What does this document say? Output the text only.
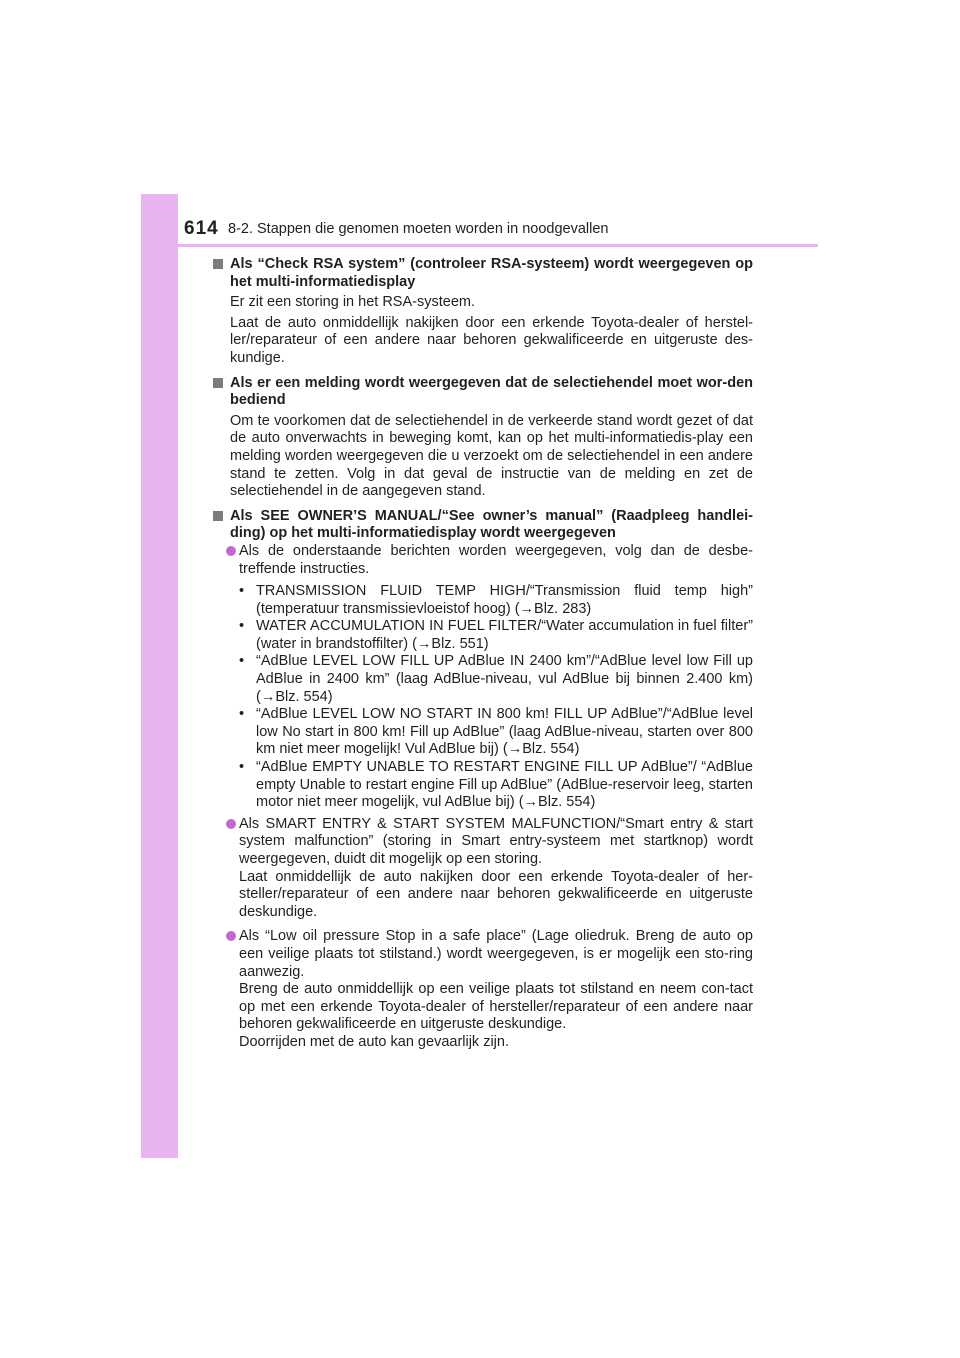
614 8-2. Stappen die genomen moeten worden in noodgevallen

Als “Check RSA system” (controleer RSA-systeem) wordt weergegeven op het multi-informatiedisplay

Er zit een storing in het RSA-systeem.

Laat de auto onmiddellijk nakijken door een erkende Toyota-dealer of herstel-ler/reparateur of een andere naar behoren gekwalificeerde en uitgeruste des-kundige.

Als er een melding wordt weergegeven dat de selectiehendel moet wor-den bediend

Om te voorkomen dat de selectiehendel in de verkeerde stand wordt gezet of dat de auto onverwachts in beweging komt, kan op het multi-informatiedis-play een melding worden weergegeven die u verzoekt om de selectiehendel in een andere stand te zetten. Volg in dat geval de instructie van de melding en zet de selectiehendel in de aangegeven stand.

Als SEE OWNER’S MANUAL/“See owner’s manual” (Raadpleeg handlei-ding) op het multi-informatiedisplay wordt weergegeven

Als de onderstaande berichten worden weergegeven, volg dan de desbe-treffende instructies.

• TRANSMISSION FLUID TEMP HIGH/“Transmission fluid temp high” (temperatuur transmissievloeistof hoog) (→Blz. 283)

• WATER ACCUMULATION IN FUEL FILTER/“Water accumulation in fuel filter” (water in brandstoffilter) (→Blz. 551)

• “AdBlue LEVEL LOW FILL UP AdBlue IN 2400 km”/“AdBlue level low Fill up AdBlue in 2400 km” (laag AdBlue-niveau, vul AdBlue bij binnen 2.400 km) (→Blz. 554)

• “AdBlue LEVEL LOW NO START IN 800 km! FILL UP AdBlue”/“AdBlue level low No start in 800 km! Fill up AdBlue” (laag AdBlue-niveau, starten over 800 km niet meer mogelijk! Vul AdBlue bij) (→Blz. 554)

• “AdBlue EMPTY UNABLE TO RESTART ENGINE FILL UP AdBlue”/ “AdBlue empty Unable to restart engine Fill up AdBlue” (AdBlue-reservoir leeg, starten motor niet meer mogelijk, vul AdBlue bij) (→Blz. 554)

Als SMART ENTRY & START SYSTEM MALFUNCTION/“Smart entry & start system malfunction” (storing in Smart entry-systeem met startknop) wordt weergegeven, duidt dit mogelijk op een storing.

Laat onmiddellijk de auto nakijken door een erkende Toyota-dealer of her-steller/reparateur of een andere naar behoren gekwalificeerde en uitgeruste deskundige.

Als “Low oil pressure Stop in a safe place” (Lage oliedruk. Breng de auto op een veilige plaats tot stilstand.) wordt weergegeven, is er mogelijk een sto-ring aanwezig.

Breng de auto onmiddellijk op een veilige plaats tot stilstand en neem con-tact op met een erkende Toyota-dealer of hersteller/reparateur of een andere naar behoren gekwalificeerde en uitgeruste deskundige.

Doorrijden met de auto kan gevaarlijk zijn.
